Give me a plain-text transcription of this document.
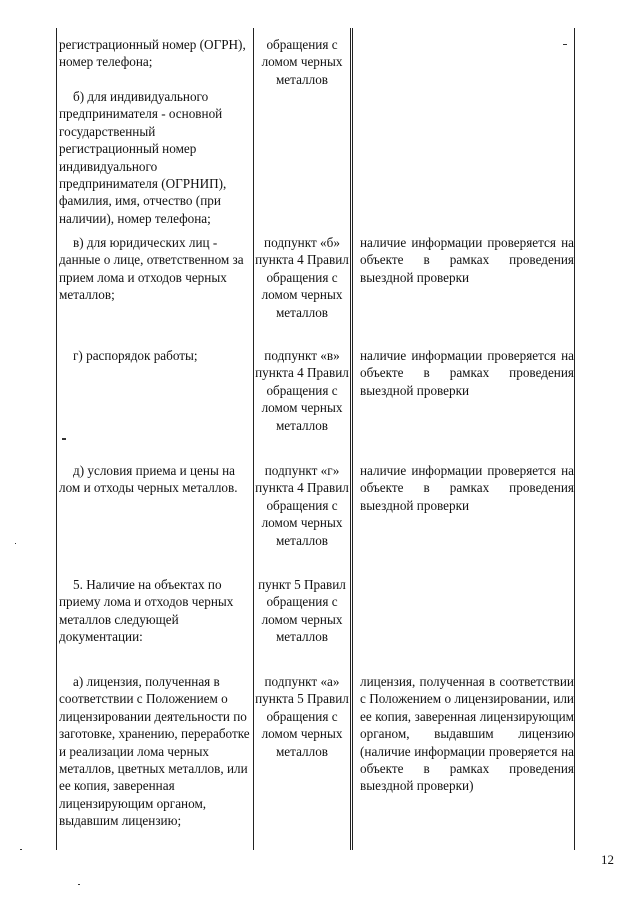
регистрационный номер (ОГРН), номер телефона;
обращения с ломом черных металлов
б) для индивидуального предпринимателя - основной государственный регистрационный номер индивидуального предпринимателя (ОГРНИП), фамилия, имя, отчество (при наличии), номер телефона;
в) для юридических лиц - данные о лице, ответственном за прием лома и отходов черных металлов;
подпункт «б» пункта 4 Правил обращения с ломом черных металлов
наличие информации проверяется на объекте в рамках проведения выездной проверки
г) распорядок работы;	подпункт «в» пункта 4 Правил обращения с ломом черных металлов
наличие информации проверяется на объекте в рамках проведения выездной проверки
д) условия приема и цены на лом и отходы черных металлов.
подпункт «г» пункта 4 Правил обращения с ломом черных металлов
наличие информации проверяется на объекте в рамках проведения выездной проверки
5. Наличие на объектах по приему лома и отходов черных металлов следующей документации:
пункт 5 Правил обращения с ломом черных металлов
а) лицензия, полученная в соответствии с Положением о лицензировании деятельности по заготовке, хранению, переработке и реализации лома черных металлов, цветных металлов, или ее копия, заверенная лицензирующим органом, выдавшим лицензию;
подпункт «а» пункта 5 Правил обращения с ломом черных металлов
лицензия, полученная в соответствии с Положением о лицензировании, или ее копия, заверенная лицензирующим органом, выдавшим лицензию (наличие информации проверяется на объекте в рамках проведения выездной проверки)
12
